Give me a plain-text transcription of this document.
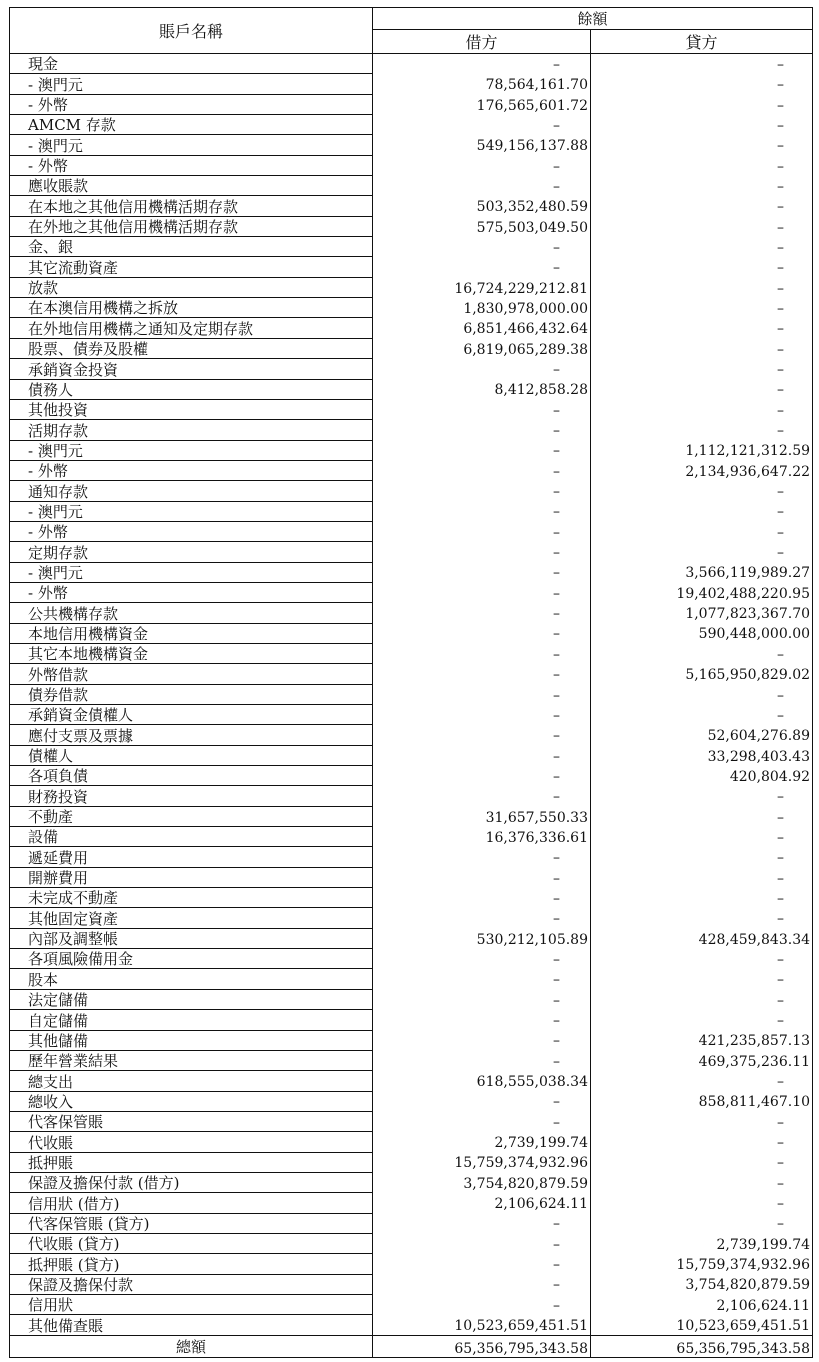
賬戶名稱	餘額	
	借方	貸方
現金	–	–
- 澳門元	78,564,161.70	–
- 外幣	176,565,601.72	–
AMCM 存款	–	–
- 澳門元	549,156,137.88	–
- 外幣	–	–
應收賬款	–	–
在本地之其他信用機構活期存款	503,352,480.59	–
在外地之其他信用機構活期存款	575,503,049.50	–
金、銀	–	–
其它流動資產	–	–
放款	16,724,229,212.81	–
在本澳信用機構之拆放	1,830,978,000.00	–
在外地信用機構之通知及定期存款	6,851,466,432.64	–
股票、債券及股權	6,819,065,289.38	–
承銷資金投資	–	–
債務人	8,412,858.28	–
其他投資	–	–
活期存款	–	–
- 澳門元	–	1,112,121,312.59
- 外幣	–	2,134,936,647.22
通知存款	–	–
- 澳門元	–	–
- 外幣	–	–
定期存款	–	–
- 澳門元	–	3,566,119,989.27
- 外幣	–	19,402,488,220.95
公共機構存款	–	1,077,823,367.70
本地信用機構資金	–	590,448,000.00
其它本地機構資金	–	–
外幣借款	–	5,165,950,829.02
債券借款	–	–
承銷資金債權人	–	–
應付支票及票據	–	52,604,276.89
債權人	–	33,298,403.43
各項負債	–	420,804.92
財務投資	–	–
不動產	31,657,550.33	–
設備	16,376,336.61	–
遞延費用	–	–
開辦費用	–	–
未完成不動產	–	–
其他固定資產	–	–
內部及調整帳	530,212,105.89	428,459,843.34
各項風險備用金	–	–
股本	–	–
法定儲備	–	–
自定儲備	–	–
其他儲備	–	421,235,857.13
歷年營業結果	–	469,375,236.11
總支出	618,555,038.34	–
總收入	–	858,811,467.10
代客保管賬	–	–
代收賬	2,739,199.74	–
抵押賬	15,759,374,932.96	–
保證及擔保付款 (借方)	3,754,820,879.59	–
信用狀 (借方)	2,106,624.11	–
代客保管賬 (貸方)	–	–
代收賬 (貸方)	–	2,739,199.74
抵押賬 (貸方)	–	15,759,374,932.96
保證及擔保付款	–	3,754,820,879.59
信用狀	–	2,106,624.11
其他備查賬	10,523,659,451.51	10,523,659,451.51
總額	65,356,795,343.58	65,356,795,343.58
